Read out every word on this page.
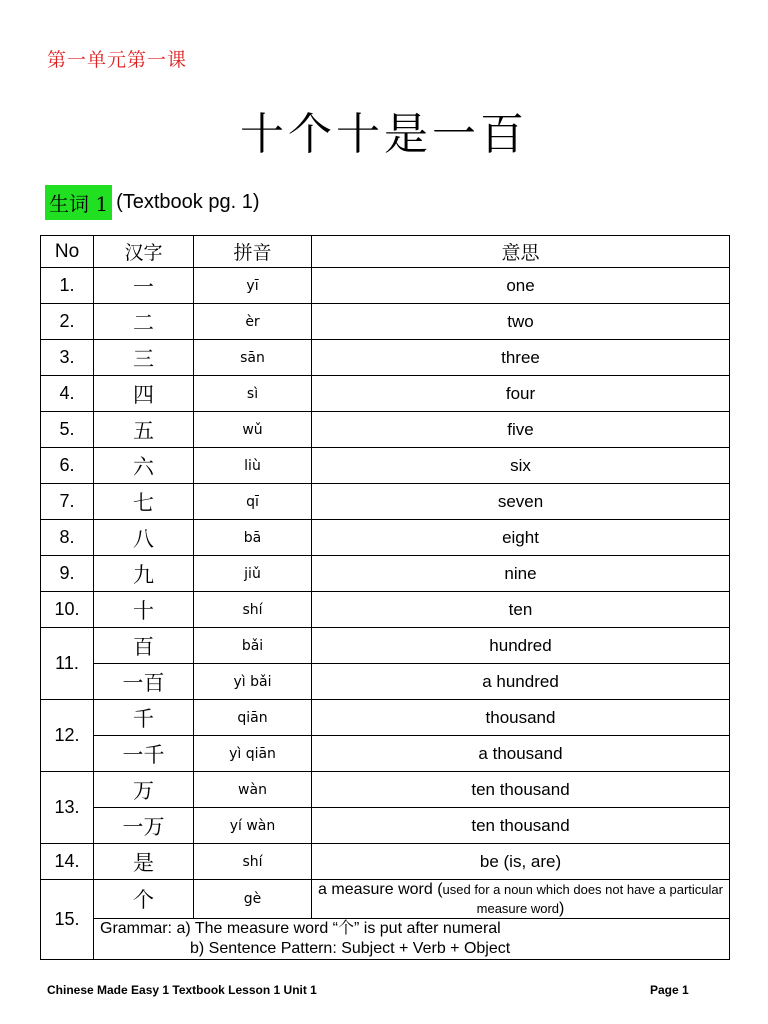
第一单元第一课
十个十是一百
生词 1 (Textbook pg. 1)
No	汉字	拼音	意思
1.	一	yī	one
2.	二	èr	two
3.	三	sān	three
4.	四	sì	four
5.	五	wǔ	five
6.	六	liù	six
7.	七	qī	seven
8.	八	bā	eight
9.	九	jiǔ	nine
10.	十	shí	ten
11.	百	bǎi	hundred
	一百	yì bǎi	a hundred
12.	千	qiān	thousand
	一千	yì qiān	a thousand
13.	万	wàn	ten thousand
	一万	yí wàn	ten thousand
14.	是	shí	be (is, are)
15.	个	gè	a measure word (used for a noun which does not have a particular measure word)

	Grammar: a) The measure word “个” is put after numeral
b) Sentence Pattern: Subject + Verb + Object		
Chinese Made Easy 1 Textbook Lesson 1 Unit 1	Page 1
